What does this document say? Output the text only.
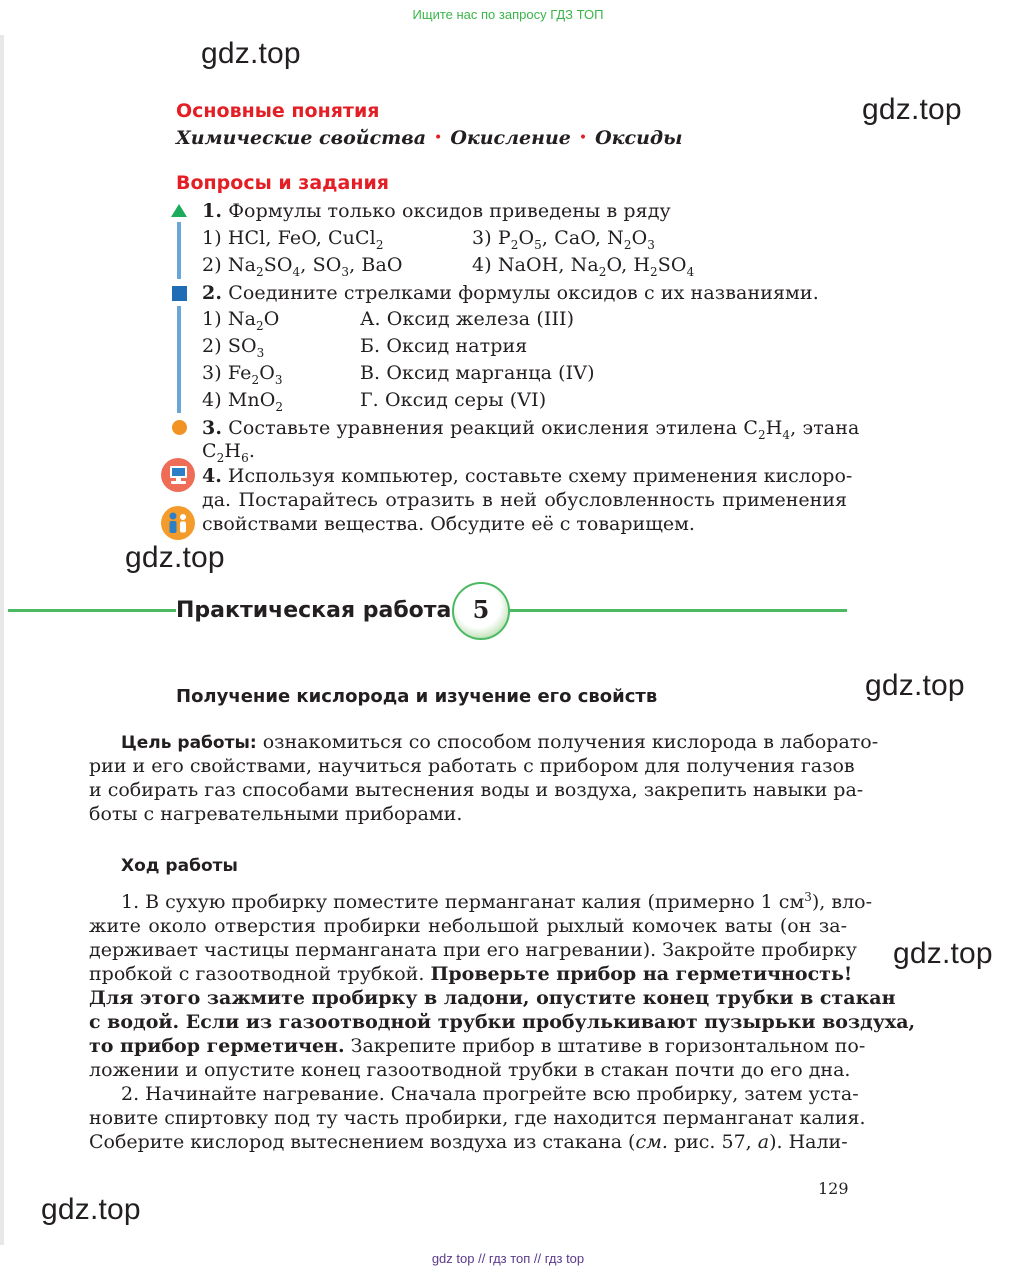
Ищите нас по запросу ГДЗ ТОП
gdz.top
gdz.top
gdz.top
gdz.top
gdz.top
gdz.top
Основные понятия
Химические свойства • Окисление • Оксиды
Вопросы и задания
1. Формулы только оксидов приведены в ряду
1) HCl, FeO, CuCl$_2$	3) $P_2O_5$, CaO, $N_2O_3$
2) $Na_2SO_4$, $SO_3$, BaO	4) NaOH, $Na_2O$, $H_2SO_4$
2. Соедините стрелками формулы оксидов с их названиями.
1) $Na_2O$
2) $SO_3$
3) $Fe_2O_3$
4) MnO$_2$
А. Оксид железа (III)
Б. Оксид натрия
В. Оксид марганца (IV)
Г. Оксид серы (VI)
3. Составьте уравнения реакций окисления этилена $C_2H_4$, этана
$C_2H_6$.
4. Используя компьютер, составьте схему применения кислоро-
да. Постарайтесь отразить в ней обусловленность применения
свойствами вещества. Обсудите её с товарищем.
Практическая работа 5
Получение кислорода и изучение его свойств
Цель работы: ознакомиться со способом получения кислорода в лаборато-
рии и его свойствами, научиться работать с прибором для получения газов
и собирать газ способами вытеснения воды и воздуха, закрепить навыки ра-
боты с нагревательными приборами.
Ход работы
1. В сухую пробирку поместите перманганат калия (примерно 1 $см^3$), вло-
жите около отверстия пробирки небольшой рыхлый комочек ваты (он за-
держивает частицы перманганата при его нагревании). Закройте пробирку
пробкой с газоотводной трубкой. Проверьте прибор на герметичность!
Для этого зажмите пробирку в ладони, опустите конец трубки в стакан
с водой. Если из газоотводной трубки пробулькивают пузырьки воздуха,
то прибор герметичен. Закрепите прибор в штативе в горизонтальном по-
ложении и опустите конец газоотводной трубки в стакан почти до его дна.
2. Начинайте нагревание. Сначала прогрейте всю пробирку, затем уста-
новите спиртовку под ту часть пробирки, где находится перманганат калия.
Соберите кислород вытеснением воздуха из стакана (см. рис. 57, а). Нали-
129
gdz top // гдз топ // гдз top
